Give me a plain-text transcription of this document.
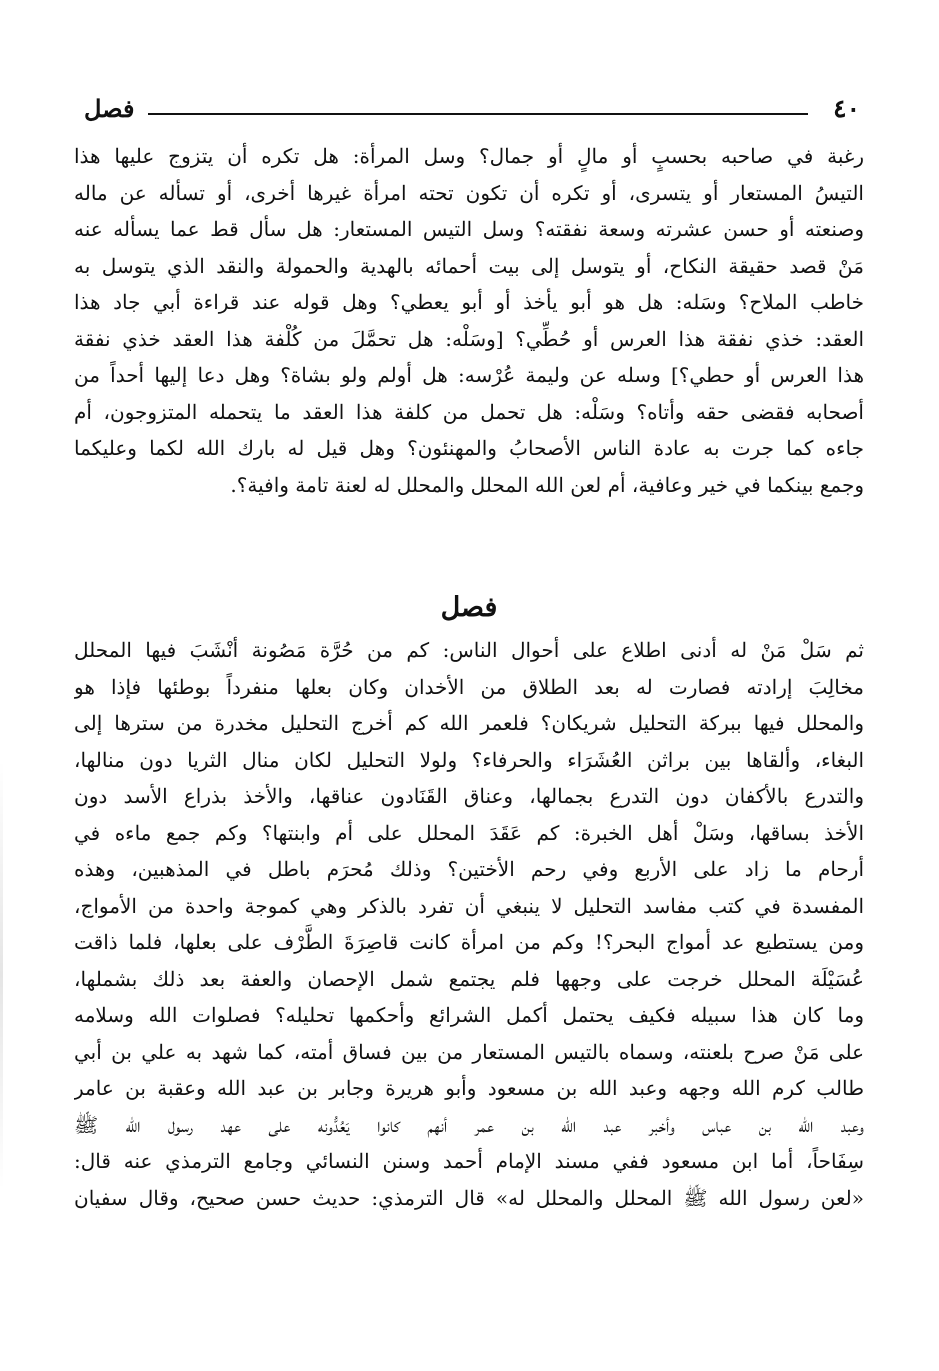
٤٠
فصل
رغبة في صاحبه بحسبٍ أو مالٍ أو جمال؟ وسل المرأة: هل تكره أن يتزوج عليها هذا
التيسُ المستعار أو يتسرى، أو تكره أن تكون تحته امرأة غيرها أخرى، أو تسأله عن ماله
وصنعته أو حسن عشرته وسعة نفقته؟ وسل التيس المستعار: هل سأل قط عما يسأله عنه
مَنْ قصد حقيقة النكاح، أو يتوسل إلى بيت أحمائه بالهدية والحمولة والنقد الذي يتوسل به
خاطب الملاح؟ وسَله: هل هو أبو يأخذ أو أبو يعطي؟ وهل قوله عند قراءة أبي جاد هذا
العقد: خذي نفقة هذا العرس أو حُطِّي؟ [وسَلْه: هل تحمَّلَ من كُلْفة هذا العقد خذي نفقة
هذا العرس أو حطي؟] وسله عن وليمة عُرْسه: هل أولم ولو بشاة؟ وهل دعا إليها أحداً من
أصحابه فقضى حقه وأتاه؟ وسَلْه: هل تحمل من كلفة هذا العقد ما يتحمله المتزوجون، أم
جاءه كما جرت به عادة الناس الأصحابُ والمهنئون؟ وهل قيل له بارك الله لكما وعليكما
وجمع بينكما في خير وعافية، أم لعن الله المحلل والمحلل له لعنة تامة وافية؟.
فصل
ثم سَلْ مَنْ له أدنى اطلاع على أحوال الناس: كم من حُرَّة مَصُونة أنْشَبَ فيها المحلل
مخالِبَ إرادته فصارت له بعد الطلاق من الأخدان وكان بعلها منفرداً بوطئها فإذا هو
والمحلل فيها ببركة التحليل شريكان؟ فلعمر الله كم أخرج التحليل مخدرة من سترها إلى
البغاء، وألقاها بين براثن العُشَرَاء والحرفاء؟ ولولا التحليل لكان منال الثريا دون منالها،
والتدرع بالأكفان دون التدرع بجمالها، وعناق القَنَادون عناقها، والأخذ بذراع الأسد دون
الأخذ بساقها، وسَلْ أهل الخبرة: كم عَقَدَ المحلل على أم وابنتها؟ وكم جمع ماءه في
أرحام ما زاد على الأربع وفي رحم الأختين؟ وذلك مُحرَم باطل في المذهبين، وهذه
المفسدة في كتب مفاسد التحليل لا ينبغي أن تفرد بالذكر وهي كموجة واحدة من الأمواج،
ومن يستطيع عد أمواج البحر؟! وكم من امرأة كانت قاصِرَةَ الطَّرْف على بعلها، فلما ذاقت
عُسَيْلَة المحلل خرجت على وجهها فلم يجتمع شمل الإحصان والعفة بعد ذلك بشملها،
وما كان هذا سبيله فكيف يحتمل أكمل الشرائع وأحكمها تحليله؟ فصلوات الله وسلامه
على مَنْ صرح بلعنته، وسماه بالتيس المستعار من بين فساق أمته، كما شهد به علي بن أبي
طالب كرم الله وجهه وعبد الله بن مسعود وأبو هريرة وجابر بن عبد الله وعقبة بن عامر
وعبد الله بن عباس وأخبر عبد الله بن عمر أنهم كانوا يَعُدُّونه على عهد رسول الله ﷺ
سِفَاحاً، أما ابن مسعود ففي مسند الإمام أحمد وسنن النسائي وجامع الترمذي عنه قال:
«لعن رسول الله ﷺ المحلل والمحلل له» قال الترمذي: حديث حسن صحيح، وقال سفيان
